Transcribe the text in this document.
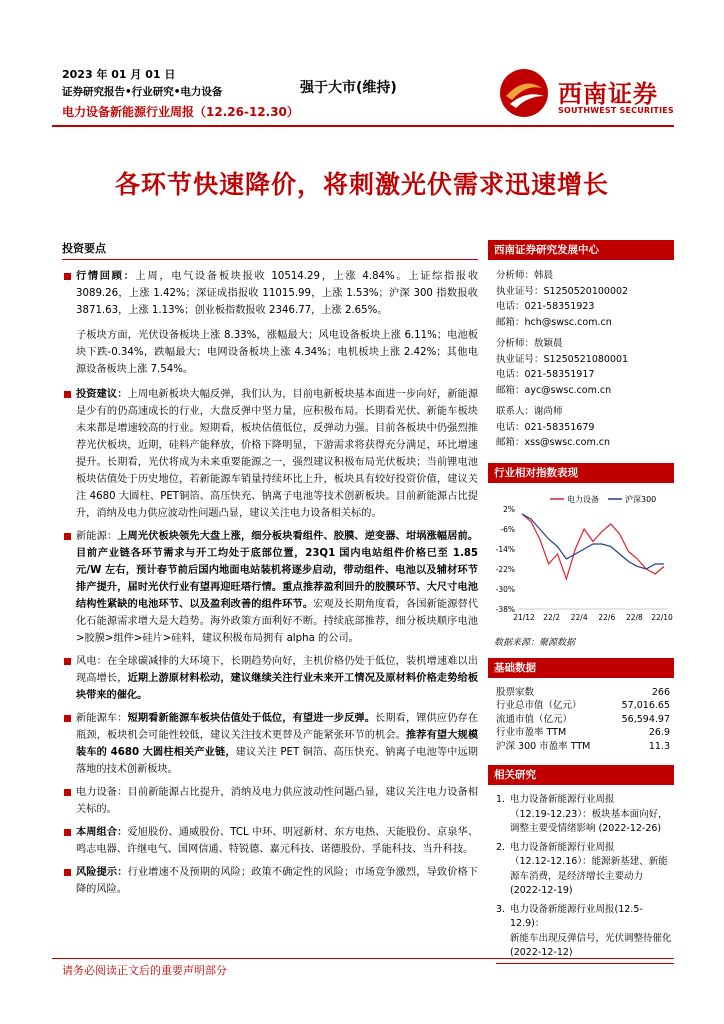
2023 年 01 月 01 日
证券研究报告•行业研究•电力设备
电力设备新能源行业周报（12.26-12.30）
强于大市(维持)	西南证券
SOUTHWEST SECURITIES
各环节快速降价，将刺激光伏需求迅速增长
投资要点

行情回顾：上周，电气设备板块报收 10514.29，上涨 4.84%。上证综指报收 3089.26，上涨 1.42%；深证成指报收 11015.99，上涨 1.53%；沪深 300 指数报收 3871.63，上涨 1.13%；创业板指数报收 2346.77，上涨 2.65%。

子板块方面，光伏设备板块上涨 8.33%，涨幅最大；风电设备板块上涨 6.11%；电池板块下跌-0.34%，跌幅最大；电网设备板块上涨 4.34%；电机板块上涨 2.42%；其他电源设备板块上涨 7.54%。

投资建议：上周电新板块大幅反弹，我们认为，目前电新板块基本面进一步向好，新能源是少有的仍高速成长的行业，大盘反弹中坚力量，应积极布局。长期看光伏、新能车板块未来都是增速较高的行业。短期看，板块估值低位，反弹动力强。目前各板块中仍强烈推荐光伏板块，近期，硅料产能释放，价格下降明显，下游需求将获得充分满足，环比增速提升。长期看，光伏将成为未来重要能源之一，强烈建议积极布局光伏板块；当前锂电池板块估值处于历史地位，若新能源车销量持续环比上升，板块具有较好投资价值，建议关注 4680 大圆柱、PET铜箔、高压快充、钠离子电池等技术创新板块。目前新能源占比提升，消纳及电力供应波动性问题凸显，建议关注电力设备相关标的。

新能源：上周光伏板块领先大盘上涨，细分板块看组件、胶膜、逆变器、坩埚涨幅居前。目前产业链各环节需求与开工均处于底部位置，23Q1 国内电站组件价格已至 1.85元/W 左右，预计春节前后国内地面电站装机将逐步启动，带动组件、电池以及辅材环节排产提升，届时光伏行业有望再迎旺塔行情。重点推荐盈利回升的胶膜环节、大尺寸电池结构性紧缺的电池环节、以及盈利改善的组件环节。宏观及长期角度看，各国新能源替代化石能源需求增大是大趋势。海外政策方面利好不断。持续底部推荐，细分板块顺序电池>胶膜>组件>硅片>硅料，建议积极布局拥有 alpha 的公司。

风电：在全球碳减排的大环境下，长期趋势向好，主机价格仍处于低位，装机增速难以出现高增长，近期上游原材料松动，建议继续关注行业未来开工情况及原材料价格走势给板块带来的催化。

新能源车：短期看新能源车板块估值处于低位，有望进一步反弹。长期看，锂供应仍存在瓶颈，板块机会可能性较低，建议关注技术更替及产能紧张环节的机会。推荐有望大规模装车的 4680 大圆柱相关产业链，建议关注 PET 铜箔、高压快充、钠离子电池等中远期落地的技术创新板块。

电力设备：目前新能源占比提升，消纳及电力供应波动性问题凸显，建议关注电力设备相关标的。

本周组合：爱旭股份、通威股份、TCL 中环、明冠新材、东方电热、天能股份、京泉华、鸣志电器、许继电气、国网信通、特锐德、嘉元科技、诺德股份、孚能科技、当升科技。

风险提示：行业增速不及预期的风险；政策不确定性的风险；市场竞争激烈，导致价格下降的风险。

西南证券研究发展中心
分析师：韩晨
执业证号：S1250520100002
电话：021-58351923
邮箱：hch@swsc.com.cn
分析师：敖颖晨
执业证号：S1250521080001
电话：021-58351917
邮箱：ayc@swsc.com.cn
联系人：谢尚师
电话：021-58351679
邮箱：xss@swsc.com.cn
行业相对指数表现
电力设备	沪深300
2%
-6%
-14%
-22%
-30%
-38%
21/12 22/2 22/4 22/6 22/8 22/10
数据来源：聚源数据
基础数据
股票家数	266
行业总市值（亿元）	57,016.65
流通市值（亿元）	56,594.97
行业市盈率 TTM	26.9
沪深 300 市盈率 TTM	11.3
相关研究
1. 电力设备新能源行业周报
（12.19-12.23）：板块基本面向好，
调整主要受情绪影响 (2022-12-26)
2. 电力设备新能源行业周报
（12.12-12.16）：能源新基建、新能
源车消费，是经济增长主要动力
(2022-12-19)
3. 电力设备新能源行业周报(12.5-12.9)：
新能车出现反弹信号，光伏调整待催化
(2022-12-12)
请务必阅读正文后的重要声明部分
